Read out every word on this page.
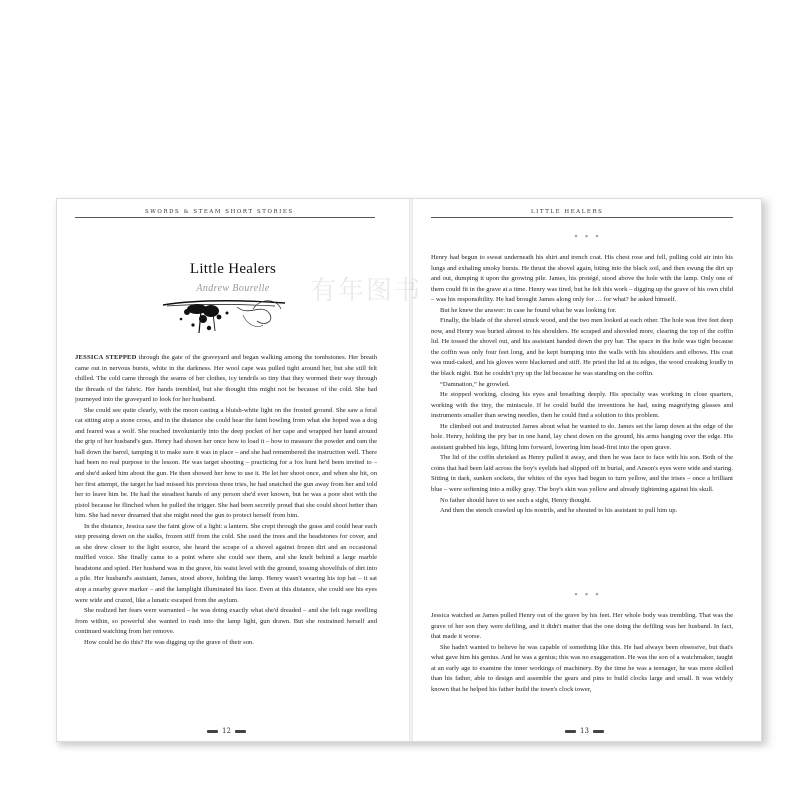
SWORDS & STEAM SHORT STORIES
Little Healers
Andrew Bourelle

JESSICA STEPPED through the gate of the graveyard and began walking among the tombstones. Her breath came out in nervous bursts, white in the darkness. Her wool cape was pulled tight around her, but she still felt chilled. The cold came through the seams of her clothes, icy tendrils so tiny that they wormed their way through the threads of the fabric. Her hands trembled, but she thought this might not be because of the cold. She had journeyed into the graveyard to look for her husband.

She could see quite clearly, with the moon casting a bluish-white light on the frosted ground. She saw a feral cat sitting atop a stone cross, and in the distance she could hear the faint howling from what she hoped was a dog and feared was a wolf. She reached involuntarily into the deep pocket of her cape and wrapped her hand around the grip of her husband's gun. Henry had shown her once how to load it – how to measure the powder and ram the ball down the barrel, tamping it to make sure it was in place – and she had remembered the instruction well. There had been no real purpose to the lesson. He was target shooting – practicing for a fox hunt he'd been invited to – and she'd asked him about the gun. He then showed her how to use it. He let her shoot once, and when she hit, on her first attempt, the target he had missed his previous three tries, he had snatched the gun away from her and told her to leave him be. He had the steadiest hands of any person she'd ever known, but he was a poor shot with the pistol because he flinched when he pulled the trigger. She had been secretly proud that she could shoot better than him. She had never dreamed that she might need the gun to protect herself from him.

In the distance, Jessica saw the faint glow of a light: a lantern. She crept through the grass and could hear each step pressing down on the stalks, frozen stiff from the cold. She used the trees and the headstones for cover, and as she drew closer to the light source, she heard the scrape of a shovel against frozen dirt and an occasional muffled voice. She finally came to a point where she could see them, and she knelt behind a large marble headstone and spied. Her husband was in the grave, his waist level with the ground, tossing shovelfuls of dirt into a pile. Her husband's assistant, James, stood above, holding the lamp. Henry wasn't wearing his top hat – it sat atop a nearby grave marker – and the lamplight illuminated his face. Even at this distance, she could see his eyes were wide and crazed, like a lunatic escaped from the asylum.

She realized her fears were warranted – he was doing exactly what she'd dreaded – and she felt rage swelling from within, so powerful she wanted to rush into the lamp light, gun drawn. But she restrained herself and continued watching from her remove.

How could he do this? He was digging up the grave of their son.

12
LITTLE HEALERS
* * *

Henry had begun to sweat underneath his shirt and trench coat. His chest rose and fell, pulling cold air into his lungs and exhaling smoky bursts. He thrust the shovel again, biting into the black soil, and then swung the dirt up and out, dumping it upon the growing pile. James, his protégé, stood above the hole with the lamp. Only one of them could fit in the grave at a time. Henry was tired, but he felt this work – digging up the grave of his own child – was his responsibility. He had brought James along only for … for what? he asked himself.

But he knew the answer: in case he found what he was looking for.

Finally, the blade of the shovel struck wood, and the two men looked at each other. The hole was five feet deep now, and Henry was buried almost to his shoulders. He scraped and shoveled more, clearing the top of the coffin lid. He tossed the shovel out, and his assistant handed down the pry bar. The space in the hole was tight because the coffin was only four feet long, and he kept bumping into the walls with his shoulders and elbows. His coat was mud-caked, and his gloves were blackened and stiff. He pried the lid at its edges, the wood creaking loudly in the black night. But he couldn't pry up the lid because he was standing on the coffin.

“Damnation,” he growled.

He stopped working, closing his eyes and breathing deeply. His specialty was working in close quarters, working with the tiny, the miniscule. If he could build the inventions he had, using magnifying glasses and instruments smaller than sewing needles, then he could find a solution to this problem.

He climbed out and instructed James about what he wanted to do. James set the lamp down at the edge of the hole. Henry, holding the pry bar in one hand, lay chest down on the ground, his arms hanging over the edge. His assistant grabbed his legs, lifting him forward, lowering him head-first into the open grave.

The lid of the coffin shrieked as Henry pulled it away, and then he was face to face with his son. Both of the coins that had been laid across the boy's eyelids had slipped off in burial, and Anson's eyes were wide and staring. Sitting in dark, sunken sockets, the whites of the eyes had begun to turn yellow, and the irises – once a brilliant blue – were softening into a milky gray. The boy's skin was yellow and already tightening against his skull.

No father should have to see such a sight, Henry thought.

And then the stench crawled up his nostrils, and he shouted to his assistant to pull him up.

* * *

Jessica watched as James pulled Henry out of the grave by his feet. Her whole body was trembling. That was the grave of her son they were defiling, and it didn't matter that the one doing the defiling was her husband. In fact, that made it worse.

She hadn't wanted to believe he was capable of something like this. He had always been obsessive, but that's what gave him his genius. And he was a genius; this was no exaggeration. He was the son of a watchmaker, taught at an early age to examine the inner workings of machinery. By the time he was a teenager, he was more skilled than his father, able to design and assemble the gears and pins to build clocks large and small. It was widely known that he helped his father build the town's clock tower,

13
